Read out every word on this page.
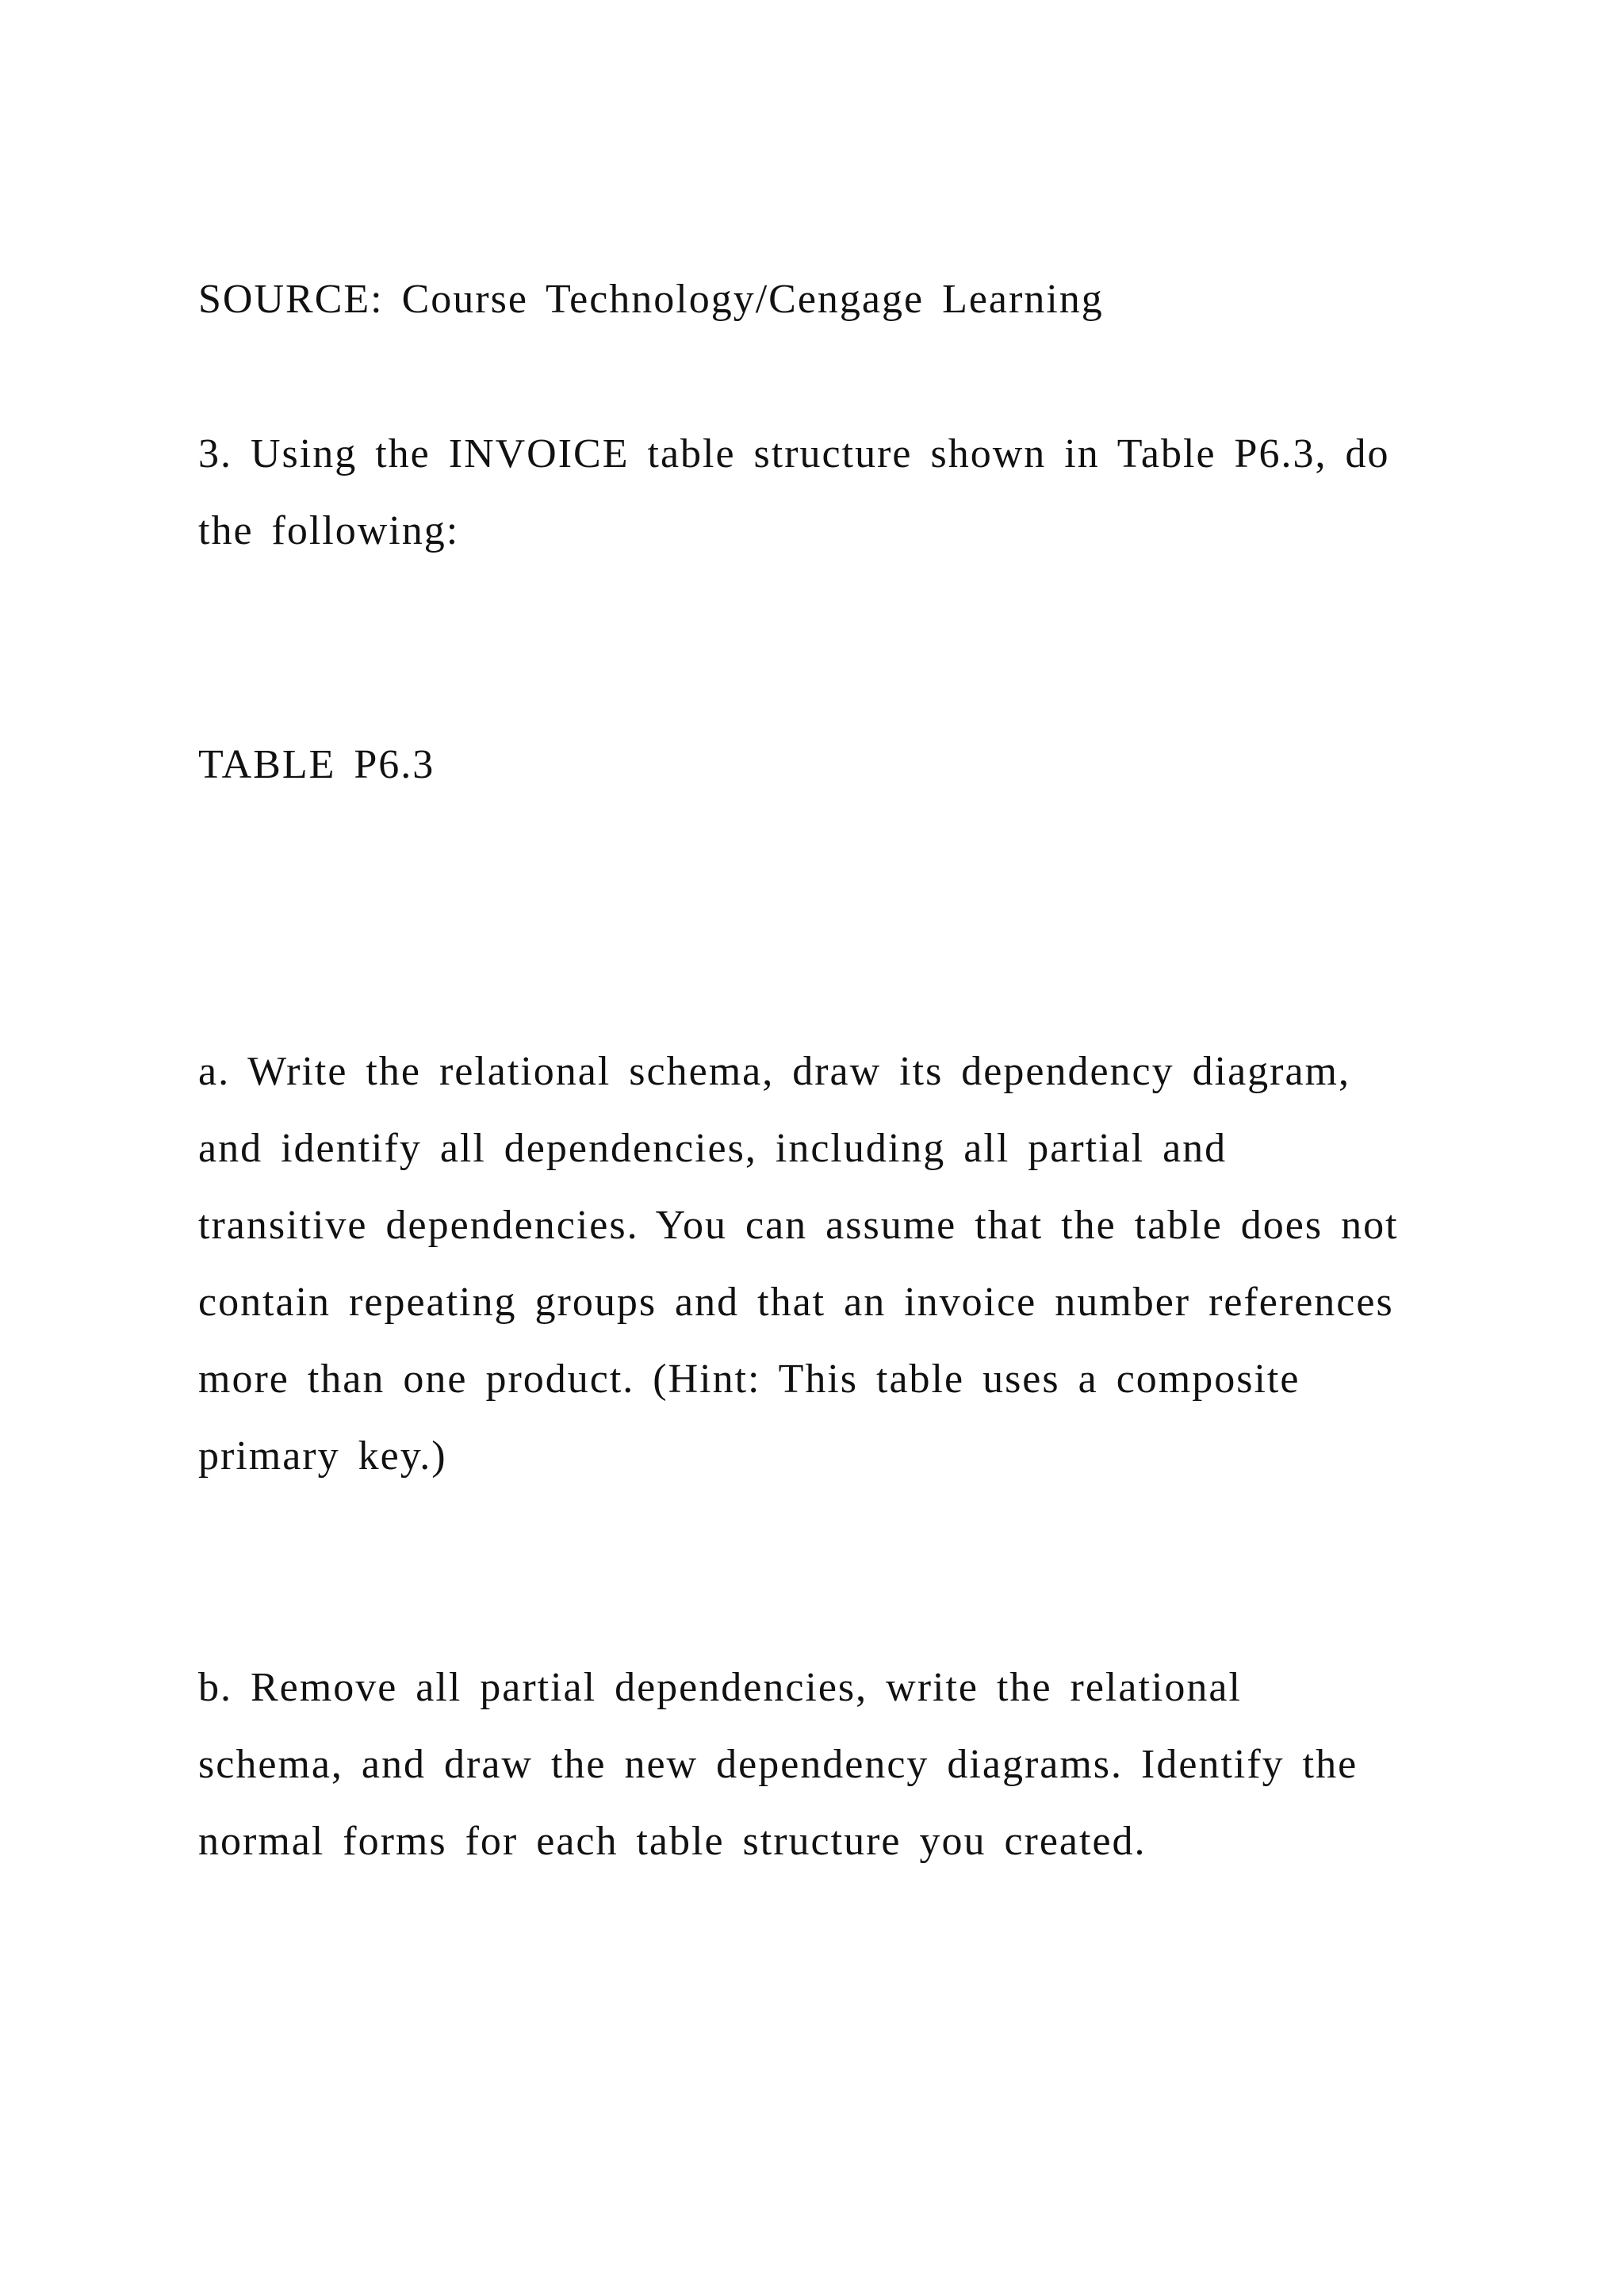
SOURCE: Course Technology/Cengage Learning
3. Using the INVOICE table structure shown in Table P6.3, do
the following:
TABLE P6.3
a. Write the relational schema, draw its dependency diagram,
and identify all dependencies, including all partial and
transitive dependencies. You can assume that the table does not
contain repeating groups and that an invoice number references
more than one product. (Hint: This table uses a composite
primary key.)
b. Remove all partial dependencies, write the relational
schema, and draw the new dependency diagrams. Identify the
normal forms for each table structure you created.
